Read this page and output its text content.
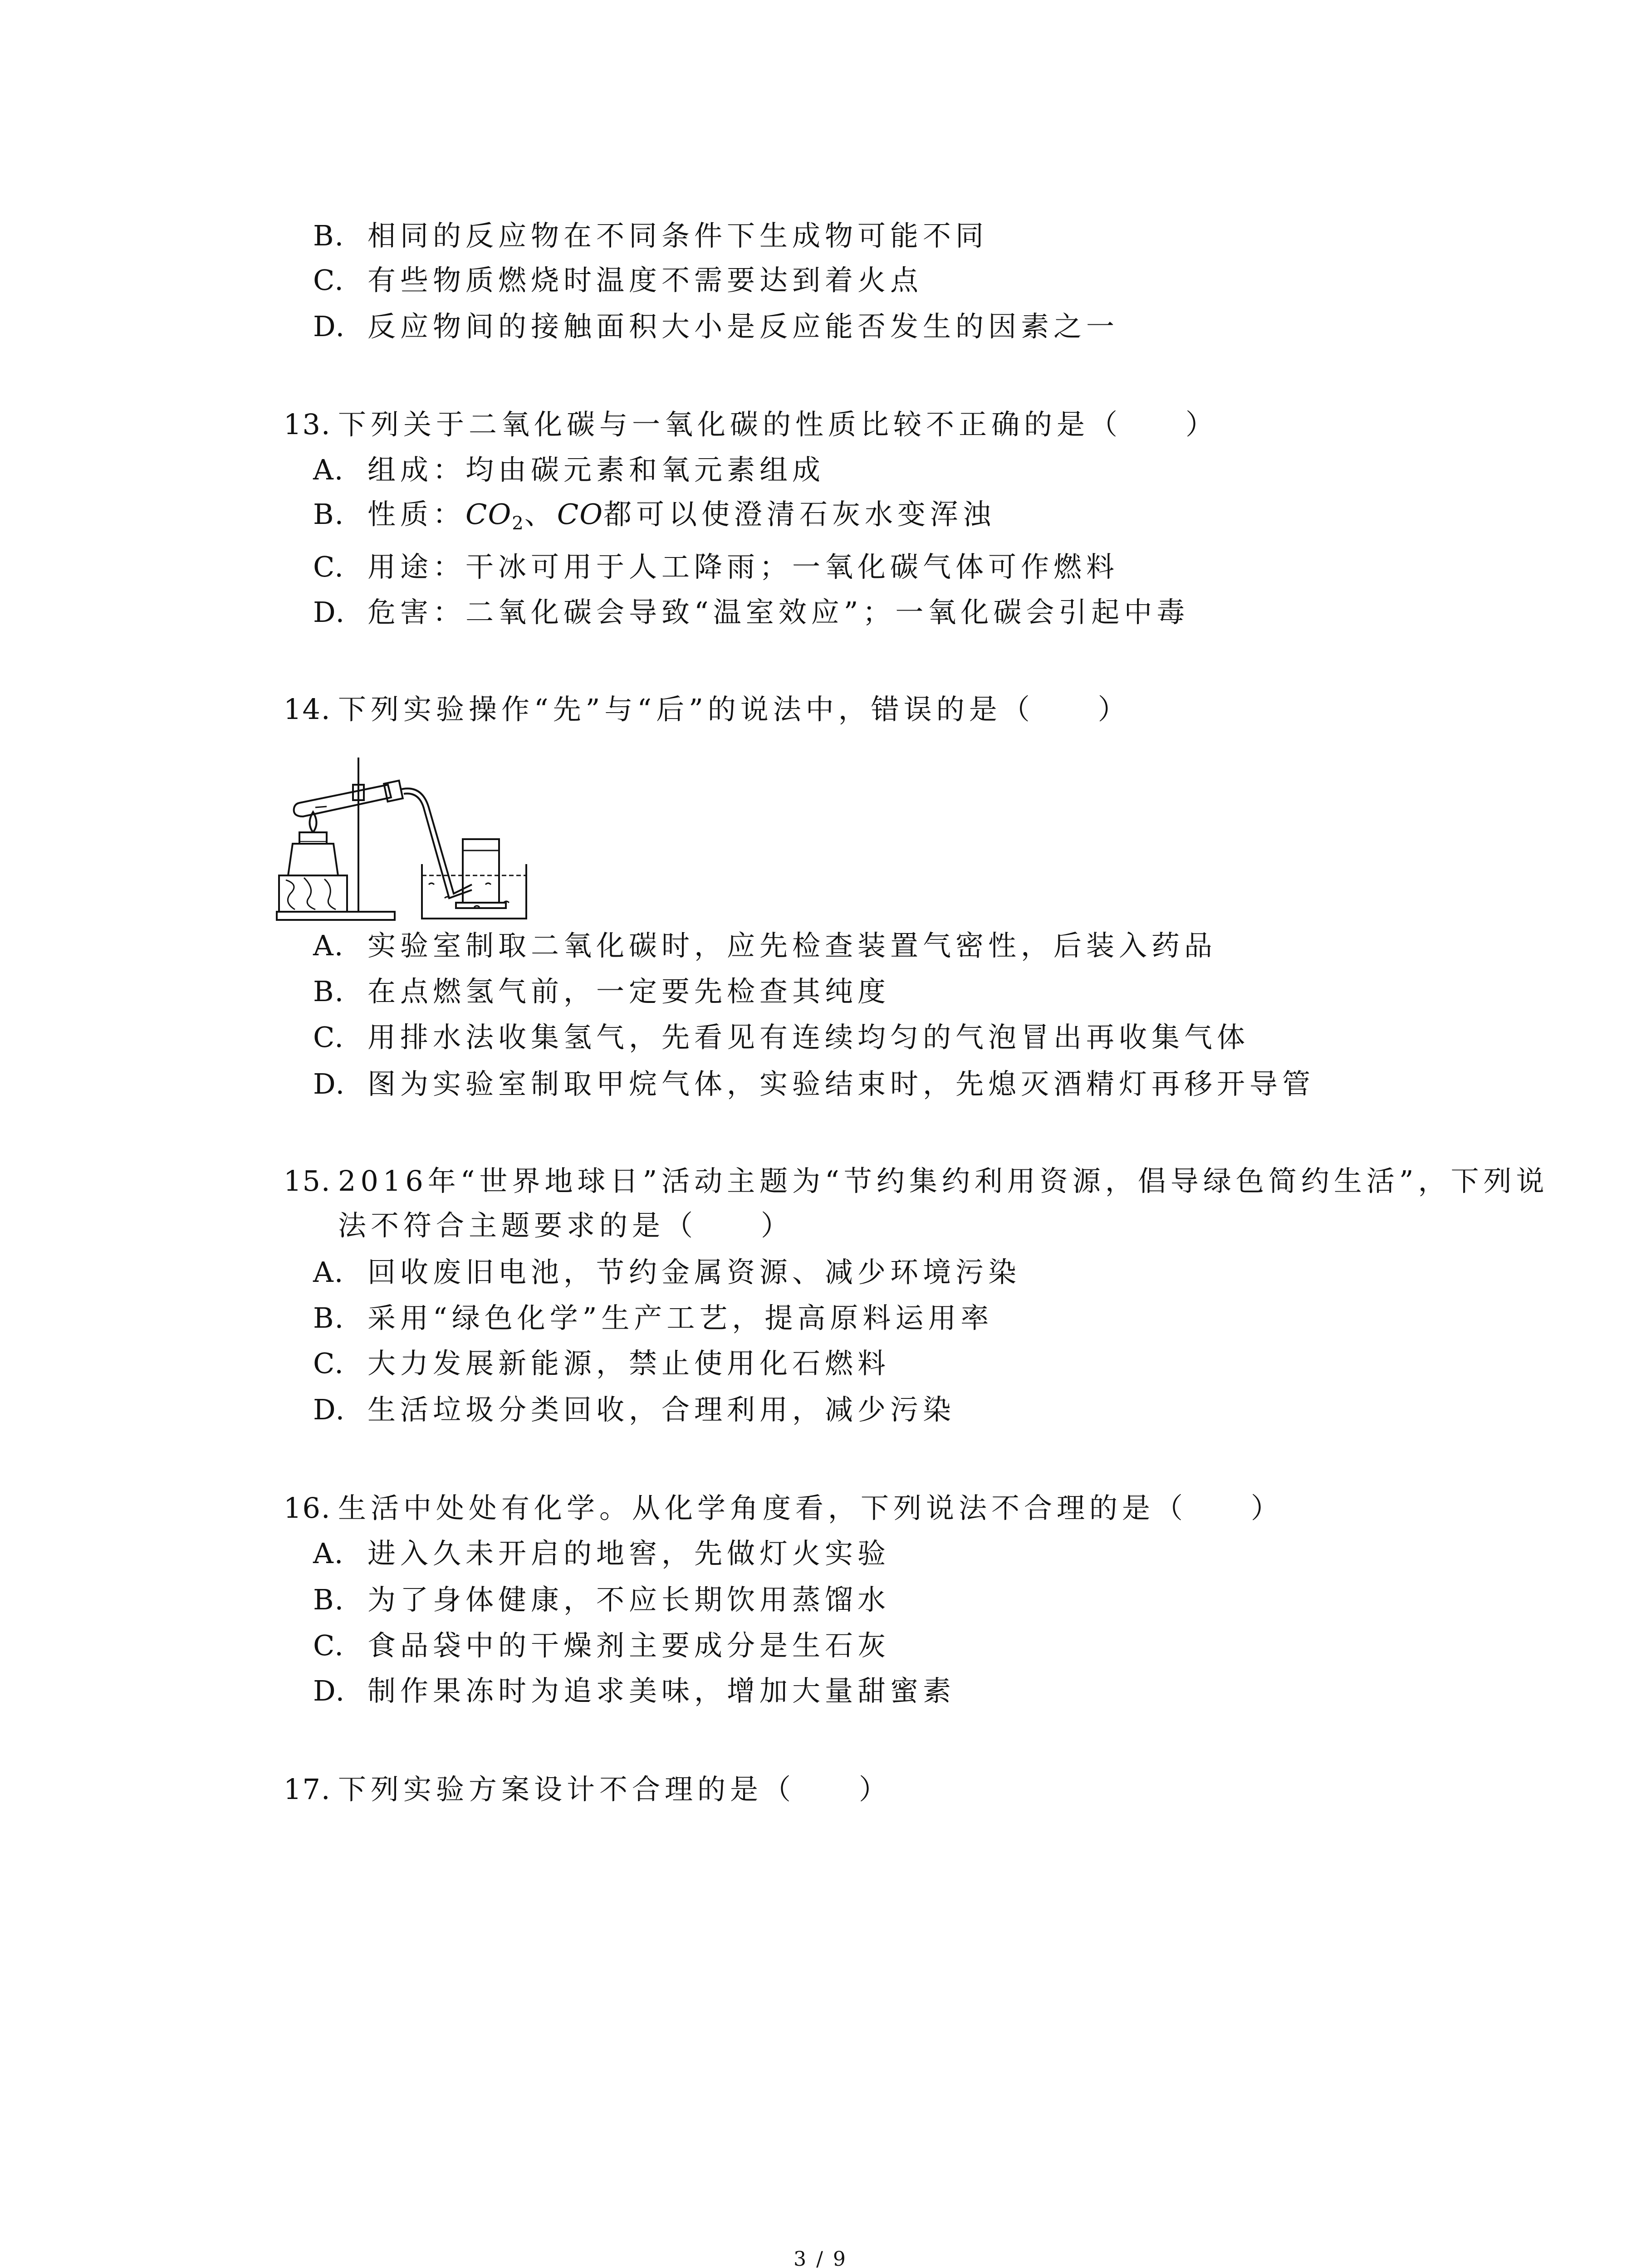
B. 相同的反应物在不同条件下生成物可能不同
C. 有些物质燃烧时温度不需要达到着火点
D. 反应物间的接触面积大小是反应能否发生的因素之一
13. 下列关于二氧化碳与一氧化碳的性质比较不正确的是（ ）
A. 组成：均由碳元素和氧元素组成
B. 性质：$CO_2$、CO都可以使澄清石灰水变浑浊
C. 用途：干冰可用于人工降雨；一氧化碳气体可作燃料
D. 危害：二氧化碳会导致“温室效应”；一氧化碳会引起中毒
14. 下列实验操作“先”与“后”的说法中，错误的是（ ）
A. 实验室制取二氧化碳时，应先检查装置气密性，后装入药品
B. 在点燃氢气前，一定要先检查其纯度
C. 用排水法收集氢气，先看见有连续均匀的气泡冒出再收集气体
D. 图为实验室制取甲烷气体，实验结束时，先熄灭酒精灯再移开导管
15. 2016年“世界地球日”活动主题为“节约集约利用资源，倡导绿色简约生活”，下列说
法不符合主题要求的是（ ）
A. 回收废旧电池，节约金属资源、减少环境污染
B. 采用“绿色化学”生产工艺，提高原料运用率
C. 大力发展新能源，禁止使用化石燃料
D. 生活垃圾分类回收，合理利用，减少污染
16. 生活中处处有化学。从化学角度看，下列说法不合理的是（ ）
A. 进入久未开启的地窖，先做灯火实验
B. 为了身体健康，不应长期饮用蒸馏水
C. 食品袋中的干燥剂主要成分是生石灰
D. 制作果冻时为追求美味，增加大量甜蜜素
17. 下列实验方案设计不合理的是（ ）
3 / 9
